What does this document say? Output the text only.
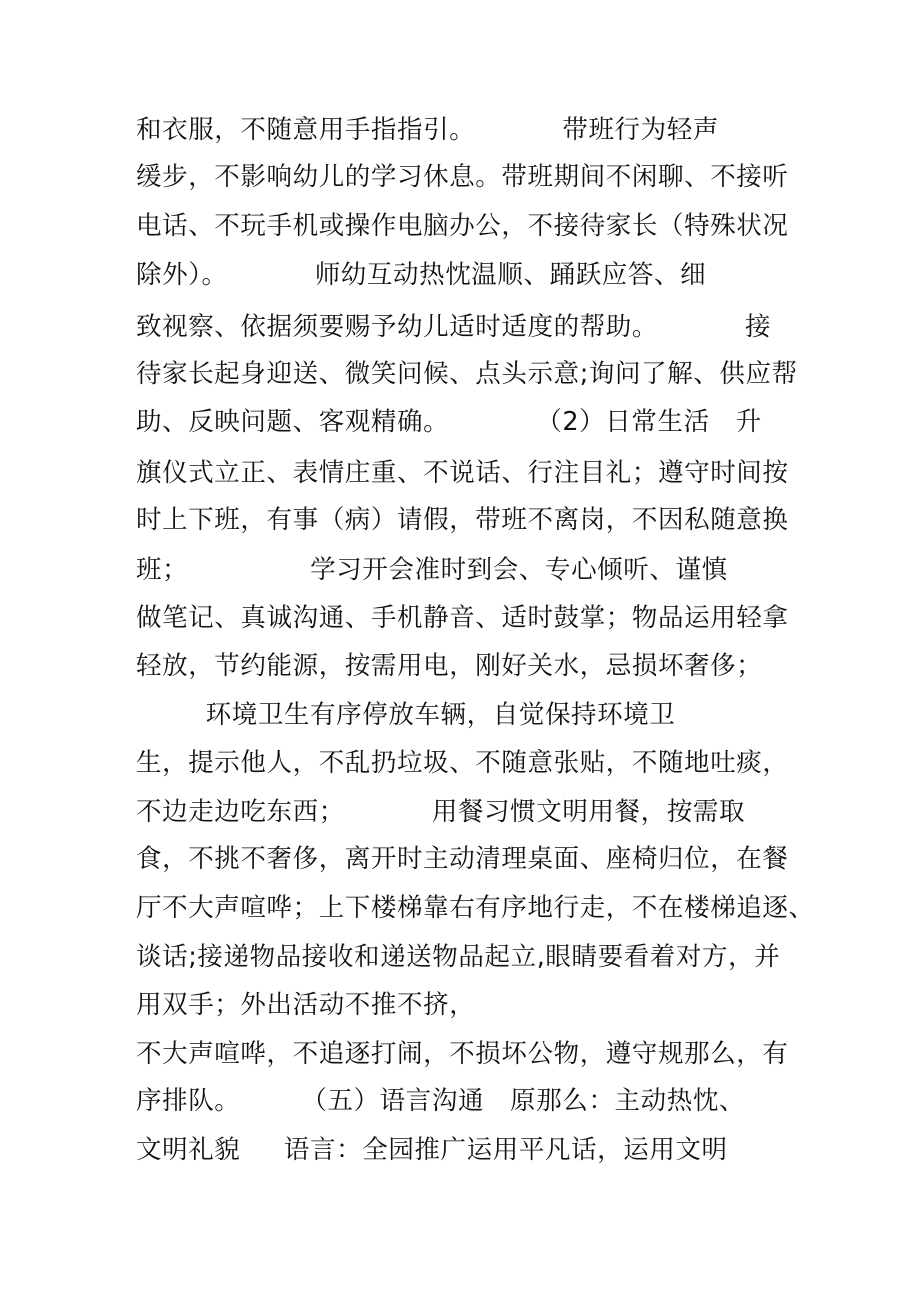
和衣服，不随意用手指指引。          带班行为轻声
缓步，不影响幼儿的学习休息。带班期间不闲聊、不接听
电话、不玩手机或操作电脑办公，不接待家长（特殊状况
除外）。          师幼互动热忱温顺、踊跃应答、细
致视察、依据须要赐予幼儿适时适度的帮助。          接
待家长起身迎送、微笑问候、点头示意;询问了解、供应帮
助、反映问题、客观精确。          （2）日常生活   升
旗仪式立正、表情庄重、不说话、行注目礼；遵守时间按
时上下班，有事（病）请假，带班不离岗，不因私随意换
班；              学习开会准时到会、专心倾听、谨慎
做笔记、真诚沟通、手机静音、适时鼓掌；物品运用轻拿
轻放，节约能源，按需用电，刚好关水，忌损坏奢侈；
环境卫生有序停放车辆，自觉保持环境卫
生，提示他人，不乱扔垃圾、不随意张贴，不随地吐痰，
不边走边吃东西；          用餐习惯文明用餐，按需取
食，不挑不奢侈，离开时主动清理桌面、座椅归位，在餐
厅不大声喧哗；上下楼梯靠右有序地行走，不在楼梯追逐、
谈话;接递物品接收和递送物品起立,眼睛要看着对方，并
用双手；外出活动不推不挤，
不大声喧哗，不追逐打闹，不损坏公物，遵守规那么，有
序排队。       （五）语言沟通   原那么：主动热忱、
文明礼貌     语言：全园推广运用平凡话，运用文明
